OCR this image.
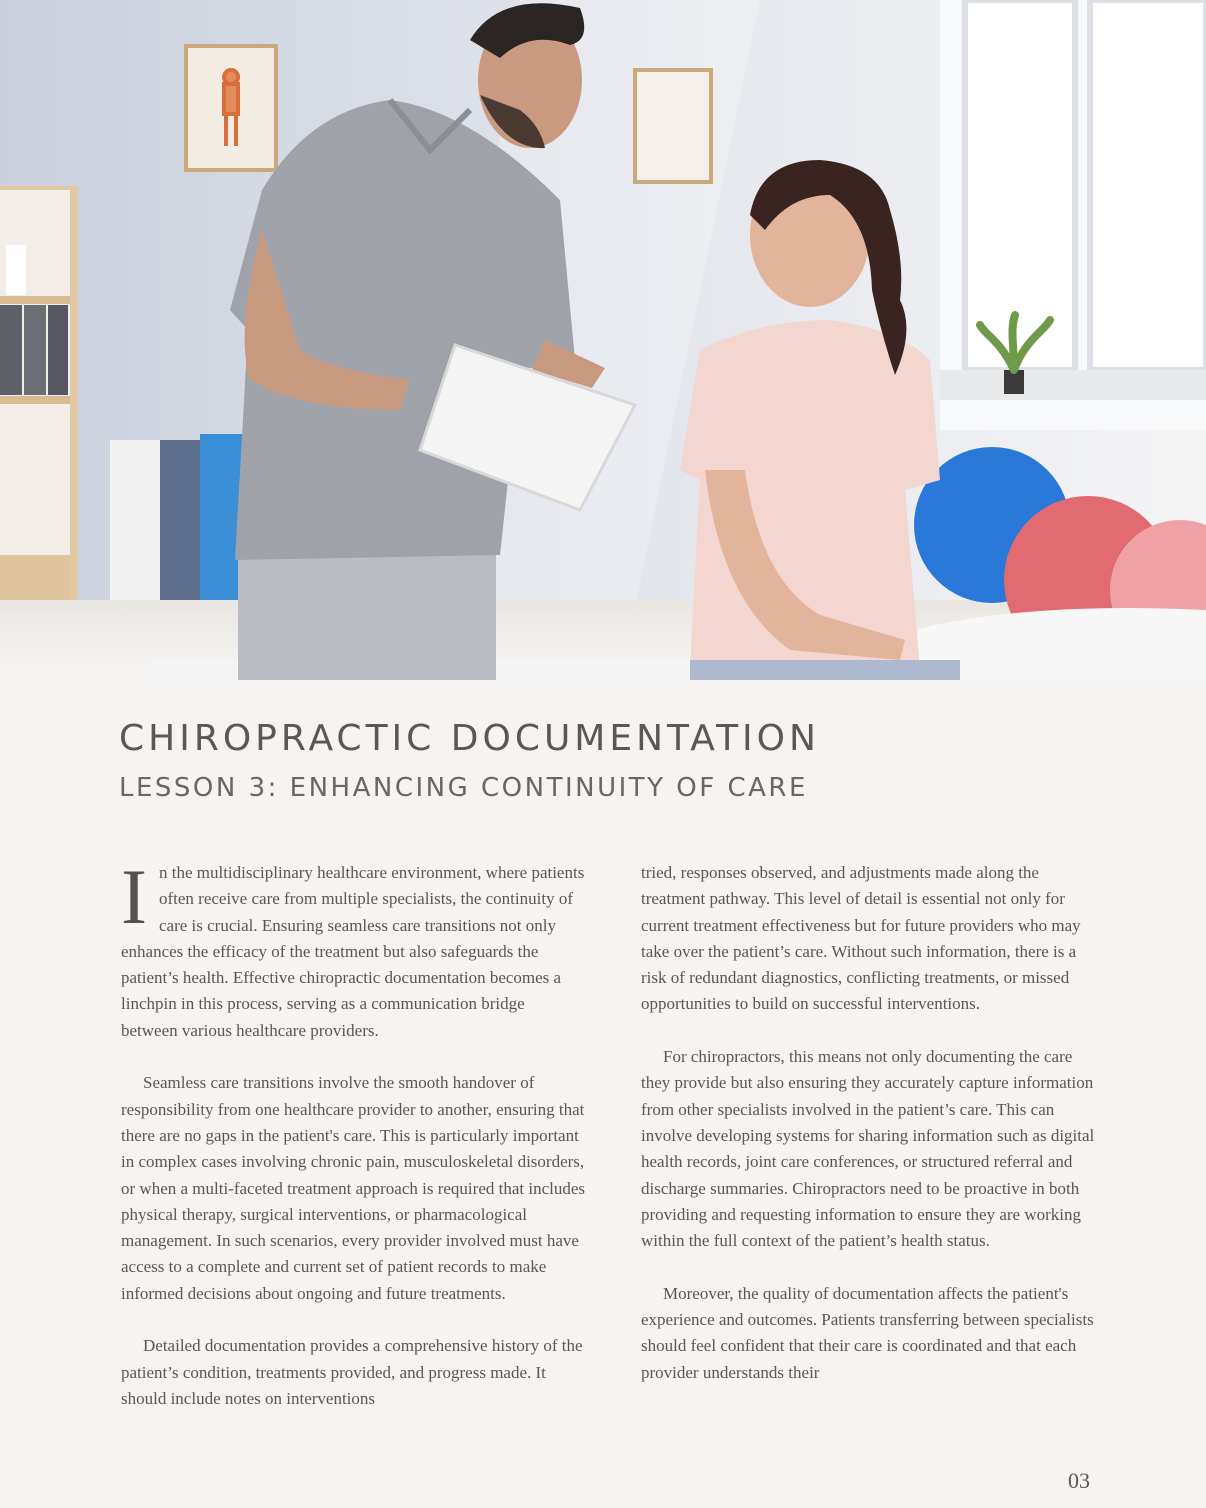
CHIROPRACTIC DOCUMENTATION
LESSON 3: ENHANCING CONTINUITY OF CARE

In the multidisciplinary healthcare environment, where patients often receive care from multiple specialists, the continuity of care is crucial. Ensuring seamless care transitions not only enhances the efficacy of the treatment but also safeguards the patient’s health. Effective chiropractic documentation becomes a linchpin in this process, serving as a communication bridge between various healthcare providers.

Seamless care transitions involve the smooth handover of responsibility from one healthcare provider to another, ensuring that there are no gaps in the patient's care. This is particularly important in complex cases involving chronic pain, musculoskeletal disorders, or when a multi-faceted treatment approach is required that includes physical therapy, surgical interventions, or pharmacological management. In such scenarios, every provider involved must have access to a complete and current set of patient records to make informed decisions about ongoing and future treatments.

Detailed documentation provides a comprehensive history of the patient’s condition, treatments provided, and progress made. It should include notes on interventions

tried, responses observed, and adjustments made along the treatment pathway. This level of detail is essential not only for current treatment effectiveness but for future providers who may take over the patient’s care. Without such information, there is a risk of redundant diagnostics, conflicting treatments, or missed opportunities to build on successful interventions.

For chiropractors, this means not only documenting the care they provide but also ensuring they accurately capture information from other specialists involved in the patient’s care. This can involve developing systems for sharing information such as digital health records, joint care conferences, or structured referral and discharge summaries. Chiropractors need to be proactive in both providing and requesting information to ensure they are working within the full context of the patient’s health status.

Moreover, the quality of documentation affects the patient's experience and outcomes. Patients transferring between specialists should feel confident that their care is coordinated and that each provider understands their

03
